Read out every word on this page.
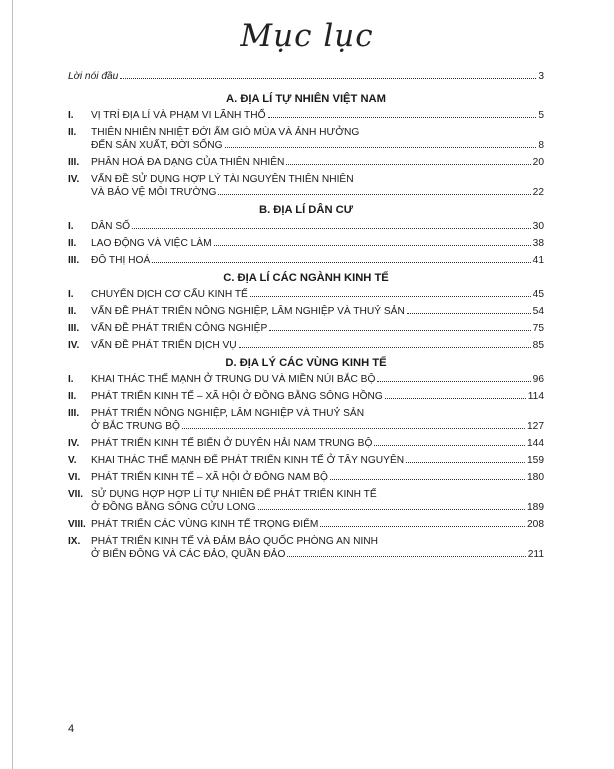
Mục lục
Lời nói đầu	3
A. ĐỊA LÍ TỰ NHIÊN VIỆT NAM
I.	VỊ TRÍ ĐỊA LÍ VÀ PHẠM VI LÃNH THỔ	5
II.	THIÊN NHIÊN NHIỆT ĐỚI ẨM GIÓ MÙA VÀ ẢNH HƯỞNG
ĐẾN SẢN XUẤT, ĐỜI SỐNG	8
III.	PHÂN HOÁ ĐA DẠNG CỦA THIÊN NHIÊN	20
IV.	VẤN ĐỀ SỬ DỤNG HỢP LÝ TÀI NGUYÊN THIÊN NHIÊN
VÀ BẢO VỆ MÔI TRƯỜNG	22
B. ĐỊA LÍ DÂN CƯ
I.	DÂN SỐ	30
II.	LAO ĐỘNG VÀ VIỆC LÀM	38
III.	ĐÔ THỊ HOÁ	41
C. ĐỊA LÍ CÁC NGÀNH KINH TẾ
I.	CHUYỂN DỊCH CƠ CẤU KINH TẾ	45
II.	VẤN ĐỀ PHÁT TRIỂN NÔNG NGHIỆP, LÂM NGHIỆP VÀ THUỶ SẢN	54
III.	VẤN ĐỀ PHÁT TRIỂN CÔNG NGHIỆP	75
IV.	VẤN ĐỀ PHÁT TRIỂN DỊCH VỤ	85
D. ĐỊA LÝ CÁC VÙNG KINH TẾ
I.	KHAI THÁC THẾ MẠNH Ở TRUNG DU VÀ MIỀN NÚI BẮC BỘ	96
II.	PHÁT TRIỂN KINH TẾ – XÃ HỘI Ở ĐỒNG BẰNG SÔNG HỒNG	114
III.	PHÁT TRIỂN NÔNG NGHIỆP, LÂM NGHIỆP VÀ THUỶ SẢN
Ở BẮC TRUNG BỘ	127
IV.	PHÁT TRIỂN KINH TẾ BIỂN Ở DUYÊN HẢI NAM TRUNG BỘ	144
V.	KHAI THÁC THẾ MẠNH ĐỂ PHÁT TRIỂN KINH TẾ Ở TÂY NGUYÊN	159
VI.	PHÁT TRIỂN KINH TẾ – XÃ HỘI Ở ĐÔNG NAM BỘ	180
VII. SỬ DỤNG HỢP HỢP LÍ TỰ NHIÊN ĐỂ PHÁT TRIỂN KINH TẾ
Ở ĐỒNG BẰNG SÔNG CỬU LONG	189
VIII. PHÁT TRIỂN CÁC VÙNG KINH TẾ TRỌNG ĐIỂM	208
IX.	PHÁT TRIỂN KINH TẾ VÀ ĐẢM BẢO QUỐC PHÒNG AN NINH
Ở BIỂN ĐÔNG VÀ CÁC ĐẢO, QUẦN ĐẢO	211
4
